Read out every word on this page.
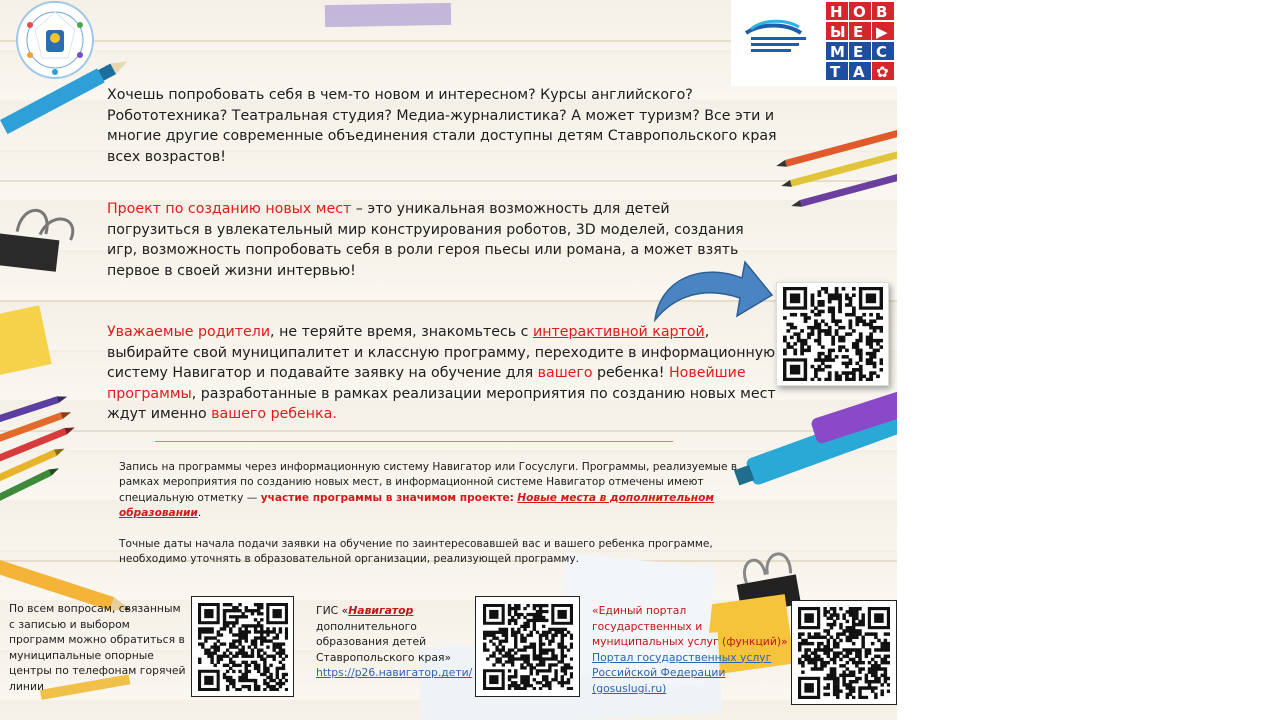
Н О В
Ы Е ▶
М Е С
Т А ✿
Хочешь попробовать себя в чем-то новом и интересном? Курсы английского? Робототехника? Театральная студия? Медиа-журналистика? А может туризм? Все эти и многие другие современные объединения стали доступны детям Ставропольского края всех возрастов!
Проект по созданию новых мест – это уникальная возможность для детей погрузиться в увлекательный мир конструирования роботов, 3D моделей, создания игр, возможность попробовать себя в роли героя пьесы или романа, а может взять первое в своей жизни интервью!
Уважаемые родители, не теряйте время, знакомьтесь с интерактивной картой, выбирайте свой муниципалитет и классную программу, переходите в информационную систему Навигатор и подавайте заявку на обучение для вашего ребенка! Новейшие программы, разработанные в рамках реализации мероприятия по созданию новых мест ждут именно вашего ребенка.
Запись на программы через информационную систему Навигатор или Госуслуги. Программы, реализуемые в рамках мероприятия по созданию новых мест, в информационной системе Навигатор отмечены имеют специальную отметку — участие программы в значимом проекте: Новые места в дополнительном образовании.
Точные даты начала подачи заявки на обучение по заинтересовавшей вас и вашего ребенка программе, необходимо уточнять в образовательной организации, реализующей программу.
По всем вопросам, связанным с записью и выбором программ можно обратиться в муниципальные опорные центры по телефонам горячей линии
ГИС «Навигатор дополнительного образования детей Ставропольского края»
https://p26.навигатор.дети/
«Единый портал государственных и муниципальных услуг (функций)» Портал государственных услуг Российской Федерации (gosuslugi.ru)
